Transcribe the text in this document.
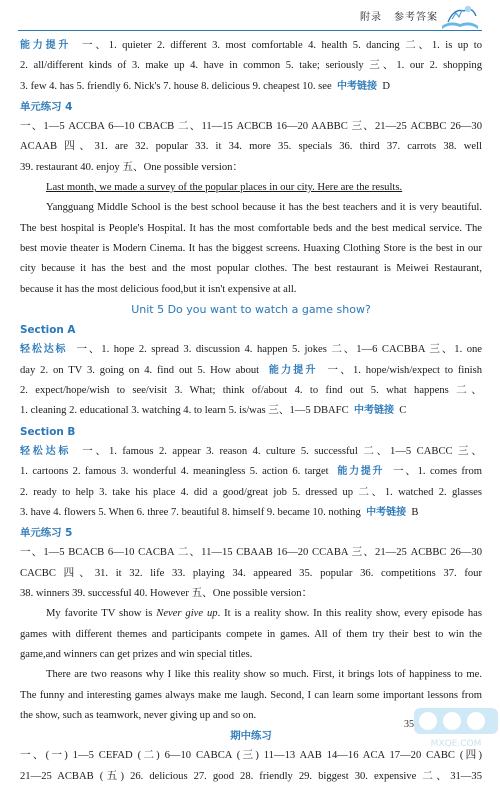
附录 参考答案
能力提升 一、1. quieter 2. different 3. most comfortable 4. health 5. dancing 二、1. is up to
2. all/different kinds of 3. make up 4. have in common 5. take; seriously 三、1. our 2. shopping
3. few 4. has 5. friendly 6. Nick's 7. house 8. delicious 9. cheapest 10. see 中考链接 D
单元练习 4
一、1—5 ACCBA 6—10 CBACB 二、11—15 ACBCB 16—20 AABBC 三、21—25 ACBBC 26—30
ACAAB 四、31. are 32. popular 33. it 34. more 35. specials 36. third 37. carrots 38. well
39. restaurant 40. enjoy 五、One possible version：
Last month, we made a survey of the popular places in our city. Here are the results.
Yangguang Middle School is the best school because it has the best teachers and it is very beautiful.
The best hospital is People's Hospital. It has the most comfortable beds and the best medical service. The
best movie theater is Modern Cinema. It has the biggest screens. Huaxing Clothing Store is the best in our
city because it has the best and the most popular clothes. The best restaurant is Meiwei Restaurant,
because it has the most delicious food,but it isn't expensive at all.
Unit 5 Do you want to watch a game show?
Section A
轻松达标 一、1. hope 2. spread 3. discussion 4. happen 5. jokes 二、1—6 CACBBA 三、1. one
day 2. on TV 3. going on 4. find out 5. How about 能力提升 一、1. hope/wish/expect to finish
2. expect/hope/wish to see/visit 3. What; think of/about 4. to find out 5. what happens 二、
1. cleaning 2. educational 3. watching 4. to learn 5. is/was 三、1—5 DBAFC 中考链接 C
Section B
轻松达标 一、1. famous 2. appear 3. reason 4. culture 5. successful 二、1—5 CABCC 三、
1. cartoons 2. famous 3. wonderful 4. meaningless 5. action 6. target 能力提升 一、1. comes from
2. ready to help 3. take his place 4. did a good/great job 5. dressed up 二、1. watched 2. glasses
3. have 4. flowers 5. When 6. three 7. beautiful 8. himself 9. became 10. nothing 中考链接 B
单元练习 5
一、1—5 BCACB 6—10 CACBA 二、11—15 CBAAB 16—20 CCABA 三、21—25 ACBBC 26—30
CACBC 四、31. it 32. life 33. playing 34. appeared 35. popular 36. competitions 37. four
38. winners 39. successful 40. However 五、One possible version：
My favorite TV show is Never give up. It is a reality show. In this reality show, every episode has
games with different themes and participants compete in games. All of them try their best to win the
game,and winners can get prizes and win special titles.
There are two reasons why I like this reality show so much. First, it brings lots of happiness to me.
The funny and interesting games always make me laugh. Second, I can learn some important lessons from
the show, such as teamwork, never giving up and so on.
期中练习
一、(一) 1—5 CEFAD (二) 6—10 CABCA (三) 11—13 AAB 14—16 ACA 17—20 CABC (四)
21—25 ACBAB (五) 26. delicious 27. good 28. friendly 29. biggest 30. expensive 二、31—35
35
MXQE.COM
